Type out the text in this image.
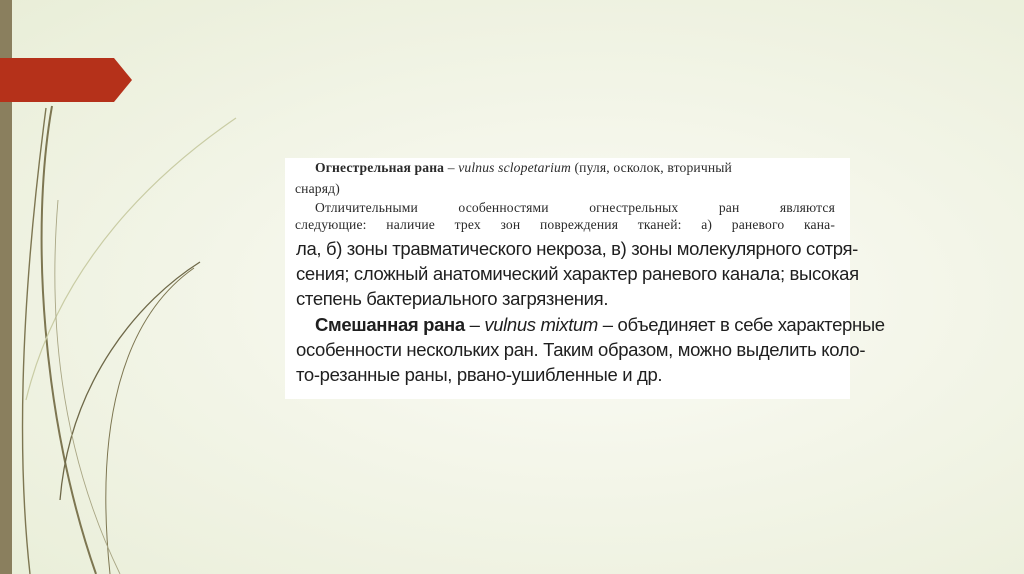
Огнестрельная рана – vulnus sclopetarium (пуля, осколок, вторичный
снаряд)
Отличительными особенностями огнестрельных ран являются
следующие: наличие трех зон повреждения тканей: а) раневого кана-
ла, б) зоны травматического некроза, в) зоны молекулярного сотря-
сения; сложный анатомический характер раневого канала; высокая
степень бактериального загрязнения.
Смешанная рана – vulnus mixtum – объединяет в себе характерные
особенности нескольких ран. Таким образом, можно выделить коло-
то-резанные раны, рвано-ушибленные и др.
